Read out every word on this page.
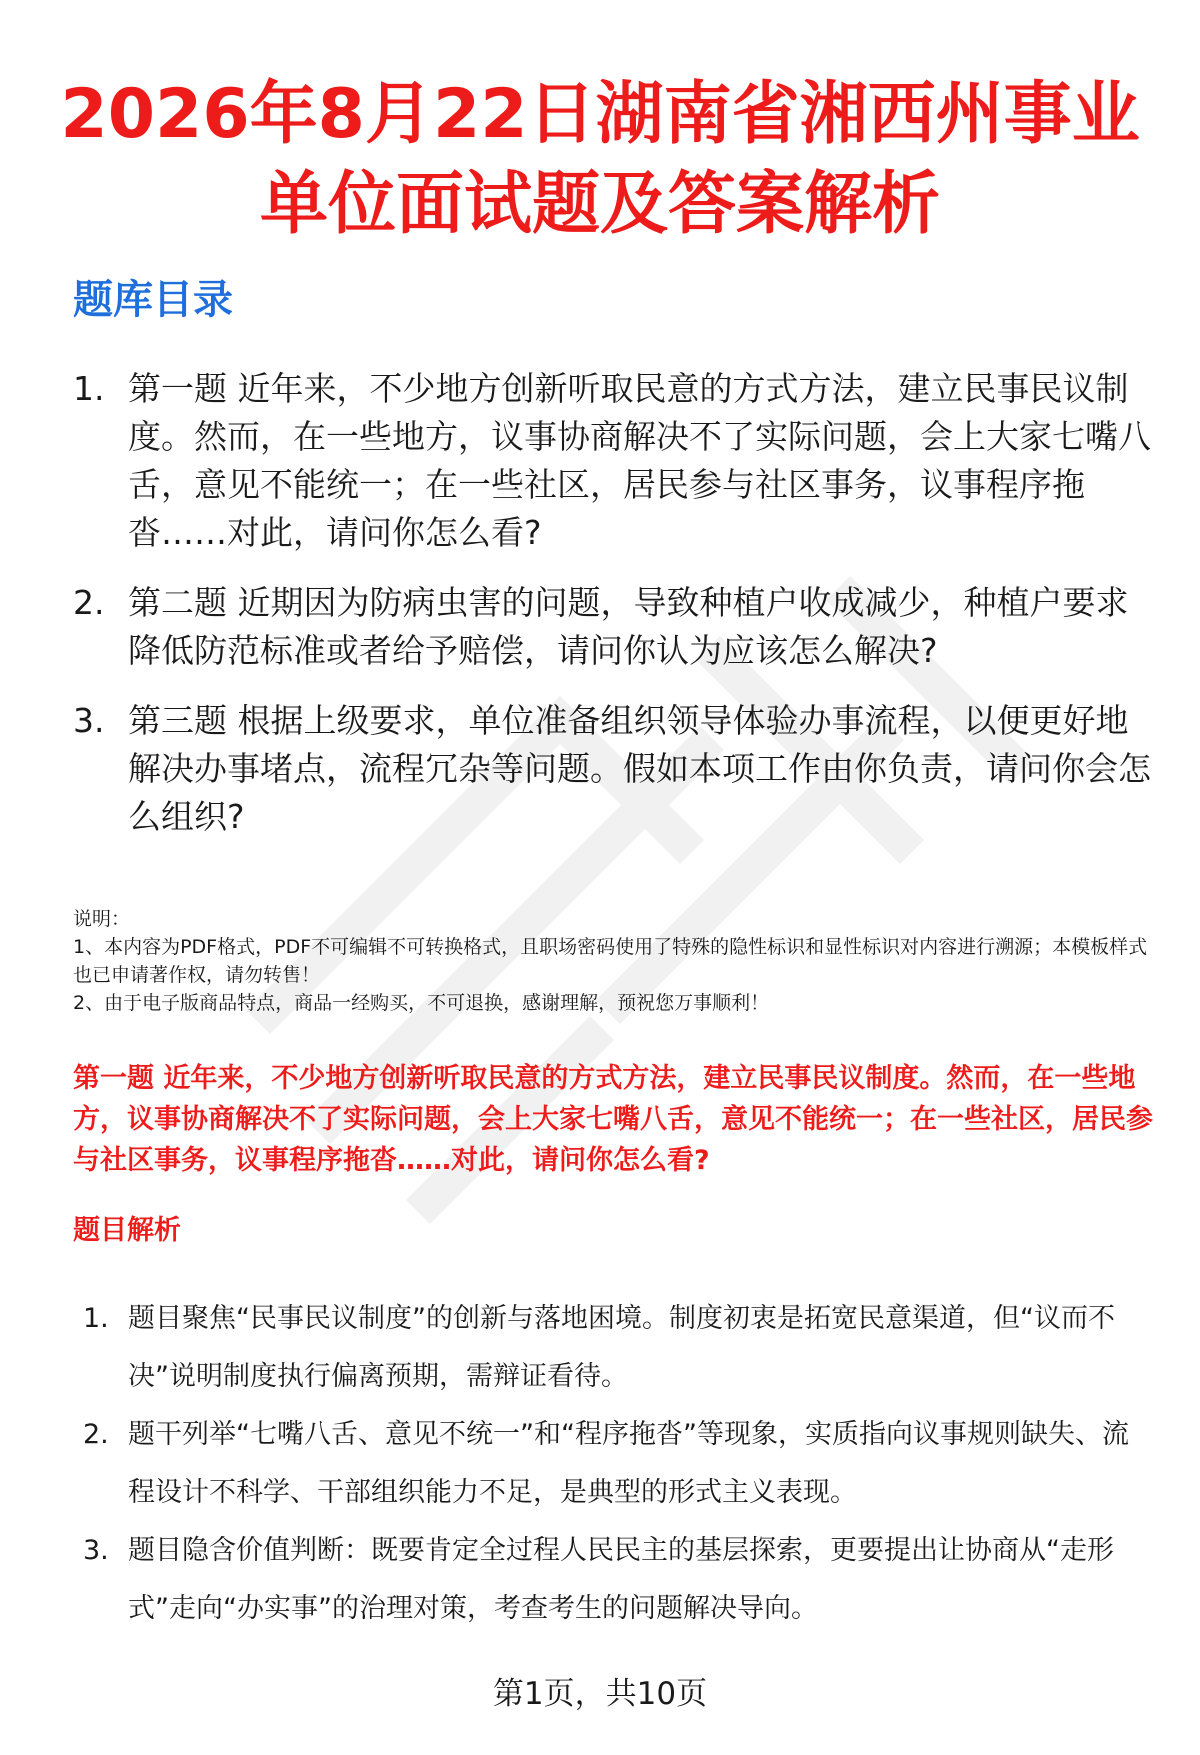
2026年8月22日湖南省湘西州事业单位面试题及答案解析
题库目录
1. 第一题 近年来，不少地方创新听取民意的方式方法，建立民事民议制度。然而，在一些地方，议事协商解决不了实际问题，会上大家七嘴八舌，意见不能统一；在一些社区，居民参与社区事务，议事程序拖沓……对此，请问你怎么看?
2. 第二题 近期因为防病虫害的问题，导致种植户收成减少，种植户要求降低防范标准或者给予赔偿，请问你认为应该怎么解决?
3. 第三题 根据上级要求，单位准备组织领导体验办事流程，以便更好地解决办事堵点，流程冗杂等问题。假如本项工作由你负责，请问你会怎么组织?

说明：

1、本内容为PDF格式，PDF不可编辑不可转换格式，且职场密码使用了特殊的隐性标识和显性标识对内容进行溯源；本模板样式也已申请著作权，请勿转售！

2、由于电子版商品特点，商品一经购买，不可退换，感谢理解，预祝您万事顺利！

第一题 近年来，不少地方创新听取民意的方式方法，建立民事民议制度。然而，在一些地方，议事协商解决不了实际问题，会上大家七嘴八舌，意见不能统一；在一些社区，居民参与社区事务，议事程序拖沓……对此，请问你怎么看?
题目解析
1. 题目聚焦“民事民议制度”的创新与落地困境。制度初衷是拓宽民意渠道，但“议而不决”说明制度执行偏离预期，需辩证看待。
2. 题干列举“七嘴八舌、意见不统一”和“程序拖沓”等现象，实质指向议事规则缺失、流程设计不科学、干部组织能力不足，是典型的形式主义表现。
3. 题目隐含价值判断：既要肯定全过程人民民主的基层探索，更要提出让协商从“走形式”走向“办实事”的治理对策，考查考生的问题解决导向。
第1页，共10页
